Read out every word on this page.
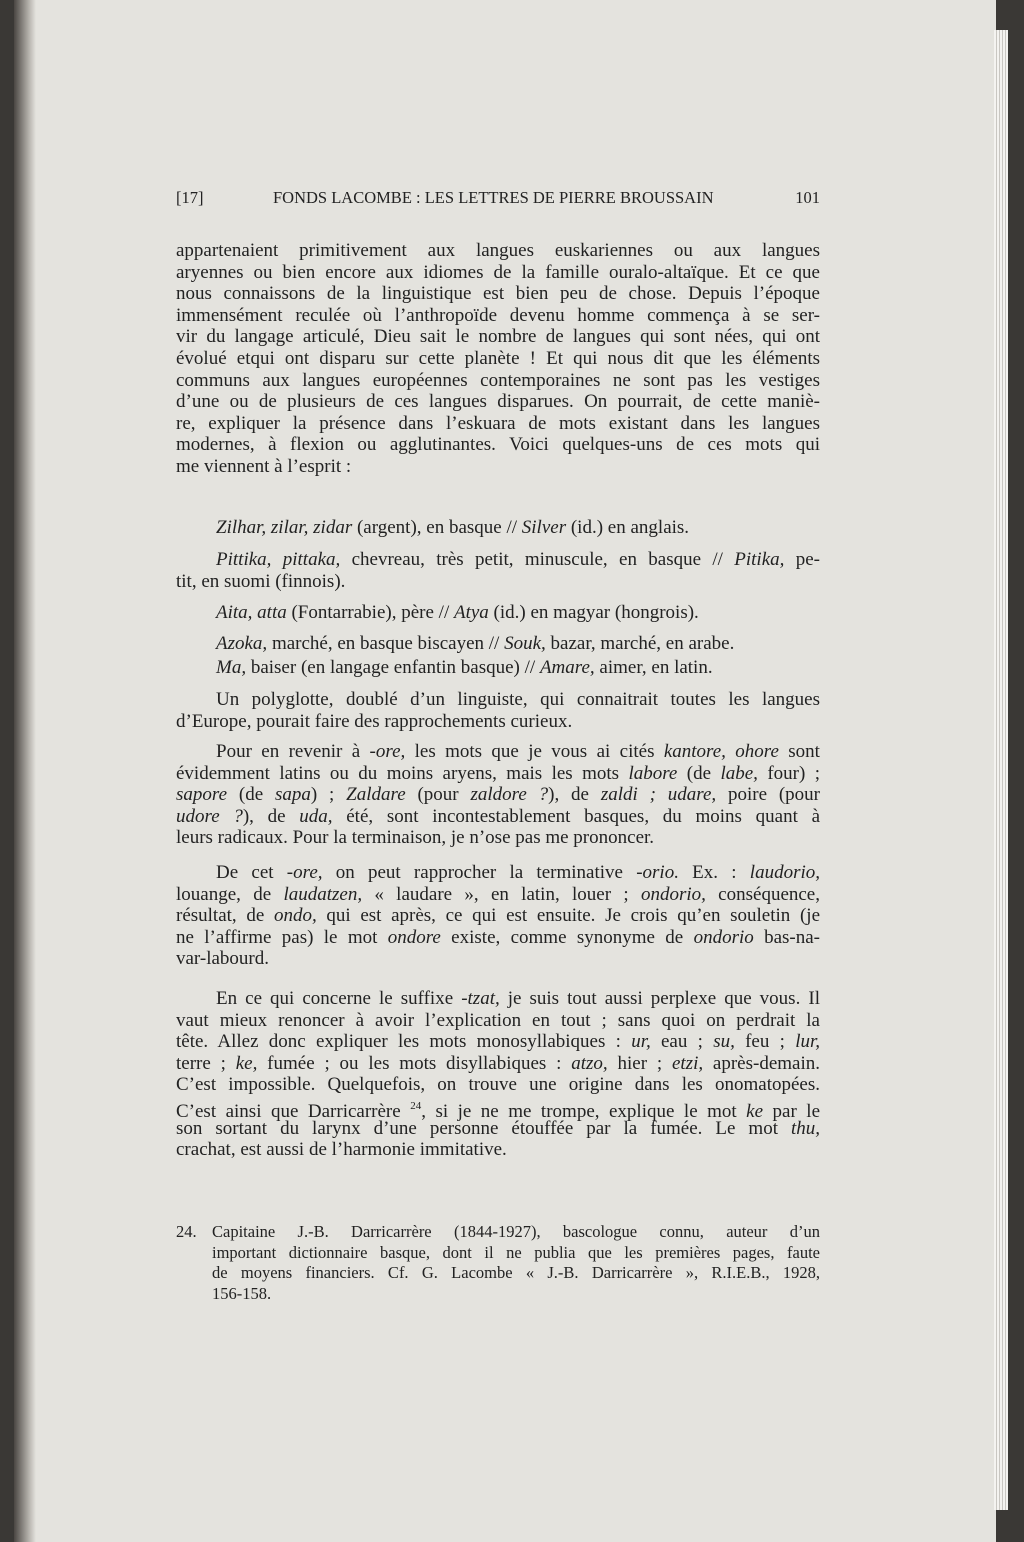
[17]	FONDS LACOMBE : LES LETTRES DE PIERRE BROUSSAIN	101
appartenaient primitivement aux langues euskariennes ou aux langues
aryennes ou bien encore aux idiomes de la famille ouralo-altaïque. Et ce que
nous connaissons de la linguistique est bien peu de chose. Depuis l’époque
immensément reculée où l’anthropoïde devenu homme commença à se ser-
vir du langage articulé, Dieu sait le nombre de langues qui sont nées, qui ont
évolué etqui ont disparu sur cette planète ! Et qui nous dit que les éléments
communs aux langues européennes contemporaines ne sont pas les vestiges
d’une ou de plusieurs de ces langues disparues. On pourrait, de cette maniè-
re, expliquer la présence dans l’eskuara de mots existant dans les langues
modernes, à flexion ou agglutinantes. Voici quelques-uns de ces mots qui
me viennent à l’esprit :
Zilhar, zilar, zidar (argent), en basque // Silver (id.) en anglais.
Pittika, pittaka, chevreau, très petit, minuscule, en basque // Pitika, pe-
tit, en suomi (finnois).
Aita, atta (Fontarrabie), père // Atya (id.) en magyar (hongrois).
Azoka, marché, en basque biscayen // Souk, bazar, marché, en arabe.
Ma, baiser (en langage enfantin basque) // Amare, aimer, en latin.
Un polyglotte, doublé d’un linguiste, qui connaitrait toutes les langues
d’Europe, pourait faire des rapprochements curieux.
Pour en revenir à -ore, les mots que je vous ai cités kantore, ohore sont
évidemment latins ou du moins aryens, mais les mots labore (de labe, four) ;
sapore (de sapa) ; Zaldare (pour zaldore ?), de zaldi ; udare, poire (pour
udore ?), de uda, été, sont incontestablement basques, du moins quant à
leurs radicaux. Pour la terminaison, je n’ose pas me prononcer.
De cet -ore, on peut rapprocher la terminative -orio. Ex. : laudorio,
louange, de laudatzen, « laudare », en latin, louer ; ondorio, conséquence,
résultat, de ondo, qui est après, ce qui est ensuite. Je crois qu’en souletin (je
ne l’affirme pas) le mot ondore existe, comme synonyme de ondorio bas-na-
var-labourd.
En ce qui concerne le suffixe -tzat, je suis tout aussi perplexe que vous. Il
vaut mieux renoncer à avoir l’explication en tout ; sans quoi on perdrait la
tête. Allez donc expliquer les mots monosyllabiques : ur, eau ; su, feu ; lur,
terre ; ke, fumée ; ou les mots disyllabiques : atzo, hier ; etzi, après-demain.
C’est impossible. Quelquefois, on trouve une origine dans les onomatopées.
C’est ainsi que Darricarrère $^{24}$, si je ne me trompe, explique le mot ke par le
son sortant du larynx d’une personne étouffée par la fumée. Le mot thu,
crachat, est aussi de l’harmonie immitative.
24. Capitaine J.-B. Darricarrère (1844-1927), bascologue connu, auteur d’un
important dictionnaire basque, dont il ne publia que les premières pages, faute
de moyens financiers. Cf. G. Lacombe « J.-B. Darricarrère », R.I.E.B., 1928,
156-158.
